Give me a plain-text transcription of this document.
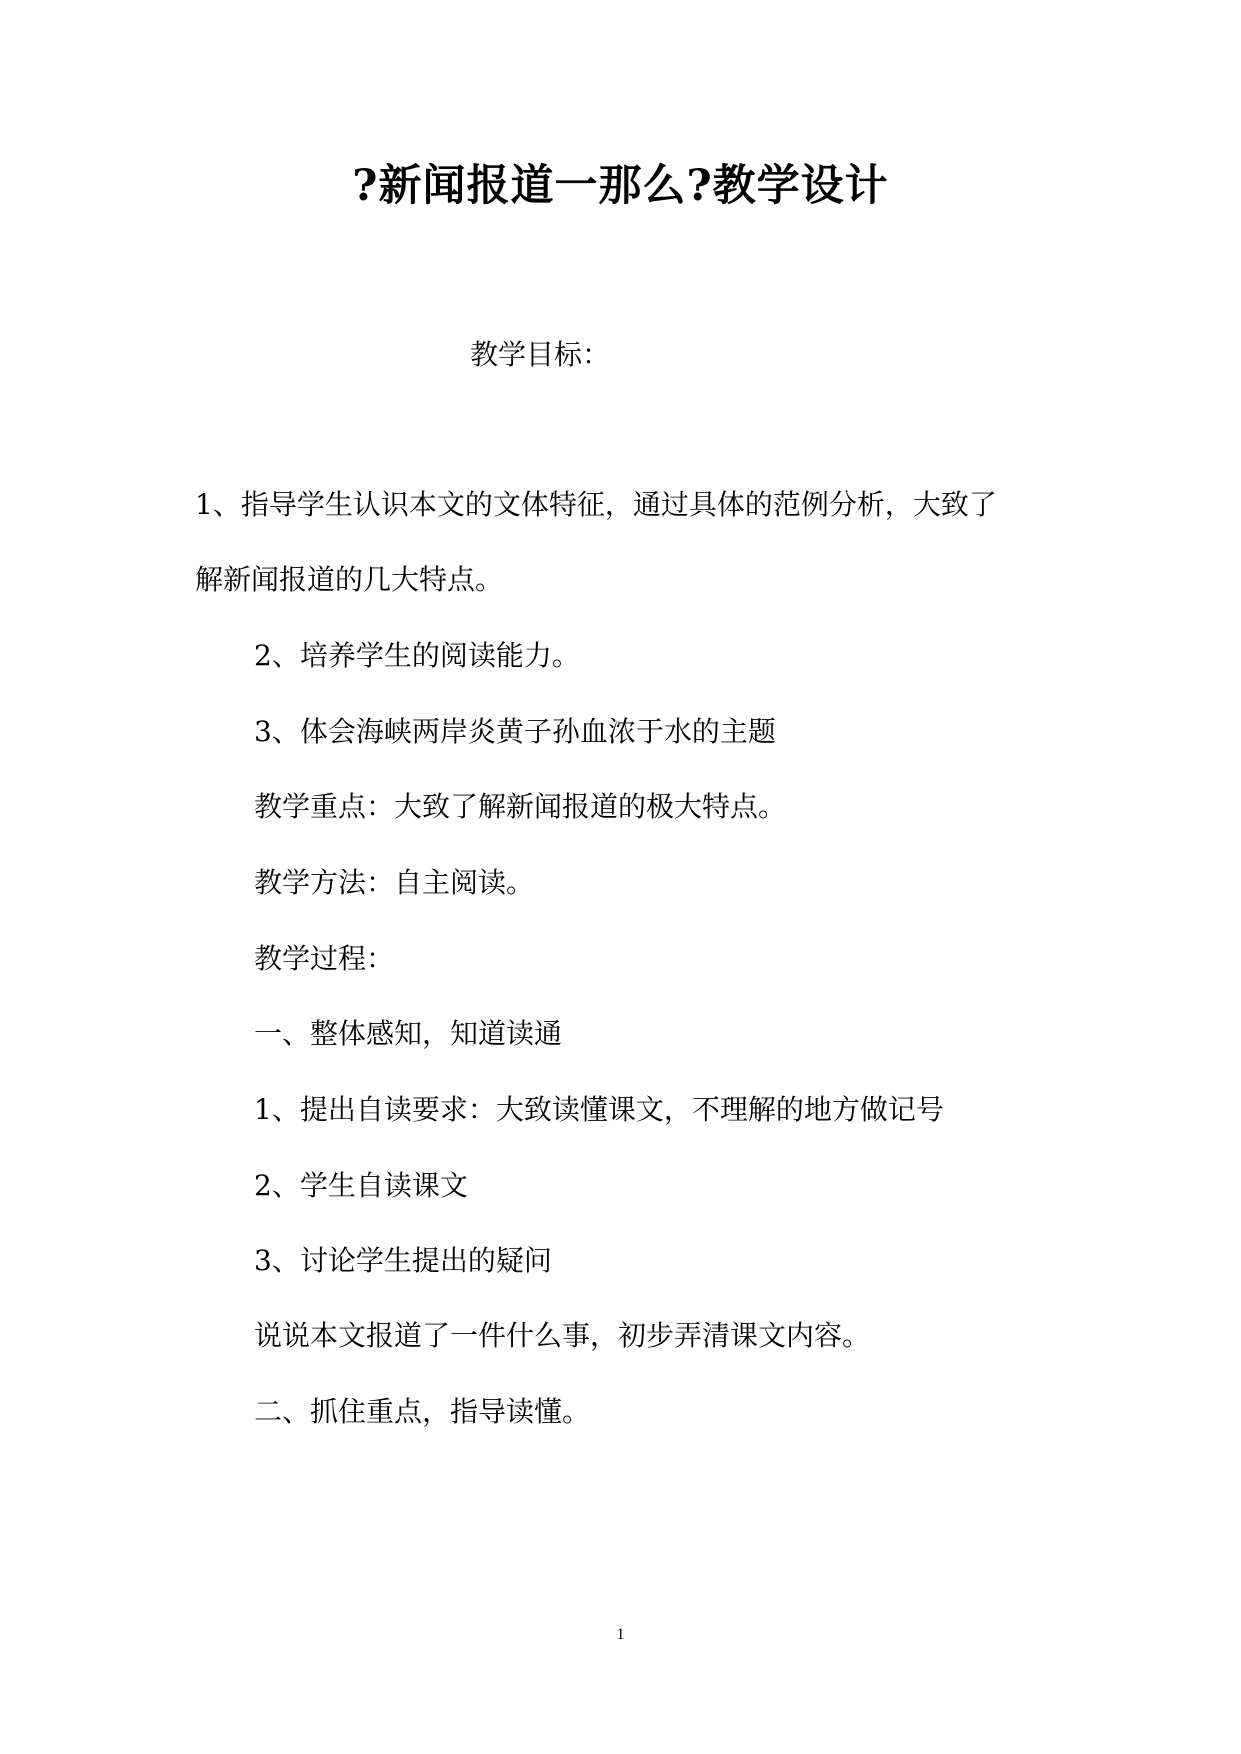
?新闻报道一那么?教学设计
教学目标：
1、指导学生认识本文的文体特征，通过具体的范例分析，大致了
解新闻报道的几大特点。
2、培养学生的阅读能力。
3、体会海峡两岸炎黄子孙血浓于水的主题
教学重点：大致了解新闻报道的极大特点。
教学方法：自主阅读。
教学过程：
一、整体感知，知道读通
1、提出自读要求：大致读懂课文，不理解的地方做记号
2、学生自读课文
3、讨论学生提出的疑问
说说本文报道了一件什么事，初步弄清课文内容。
二、抓住重点，指导读懂。
1
